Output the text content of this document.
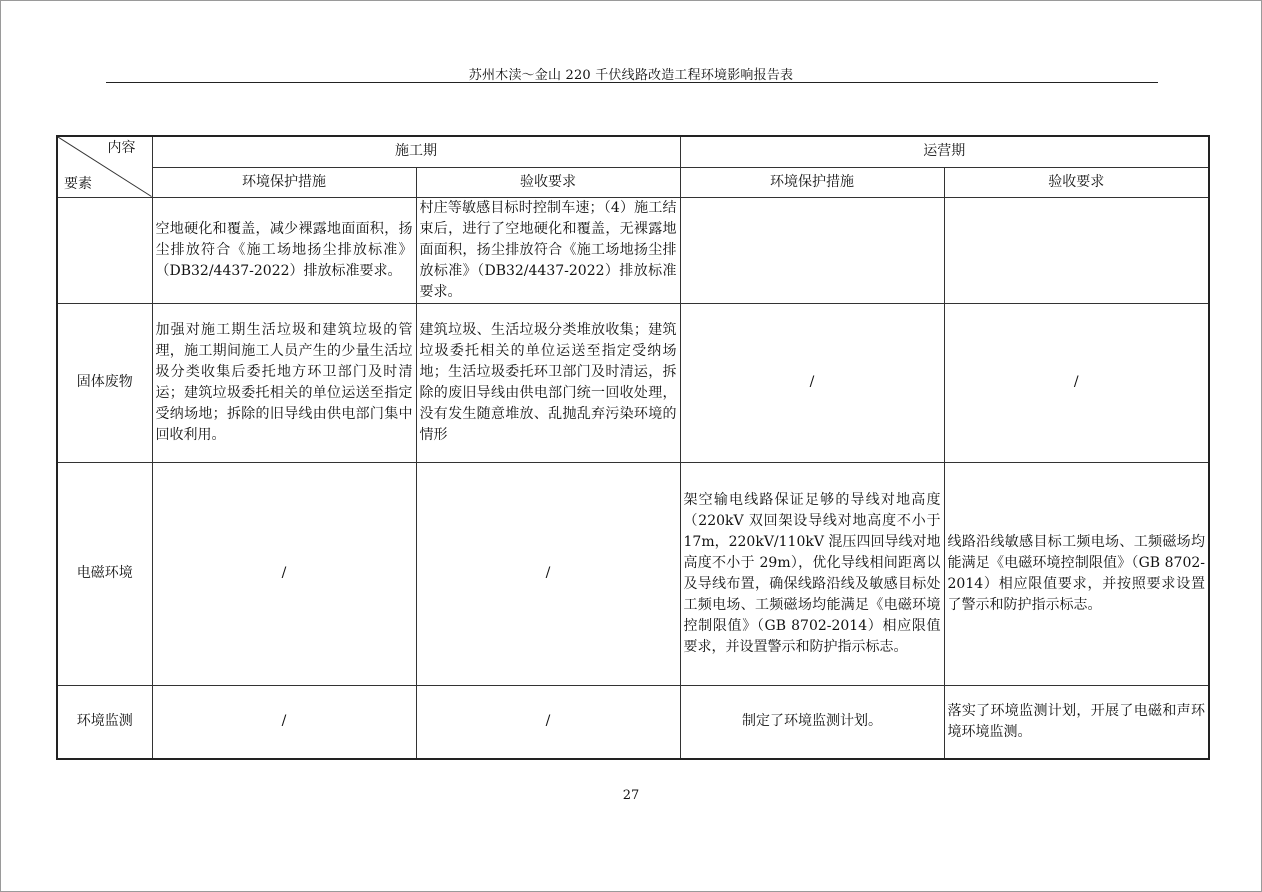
苏州木渎～金山 220 千伏线路改造工程环境影响报告表
内容
要素	施工期		运营期	
	环境保护措施	验收要求	环境保护措施	验收要求
	空地硬化和覆盖，减少裸露地面面积，扬尘排放符合《施工场地扬尘排放标准》（DB32/4437-2022）排放标准要求。	村庄等敏感目标时控制车速；（4）施工结束后，进行了空地硬化和覆盖，无裸露地面面积，扬尘排放符合《施工场地扬尘排放标准》（DB32/4437-2022）排放标准要求。		
固体废物	加强对施工期生活垃圾和建筑垃圾的管理，施工期间施工人员产生的少量生活垃圾分类收集后委托地方环卫部门及时清运；建筑垃圾委托相关的单位运送至指定受纳场地；拆除的旧导线由供电部门集中回收利用。	建筑垃圾、生活垃圾分类堆放收集；建筑垃圾委托相关的单位运送至指定受纳场地；生活垃圾委托环卫部门及时清运，拆除的废旧导线由供电部门统一回收处理，没有发生随意堆放、乱抛乱弃污染环境的情形	/	/
电磁环境	/	/	架空输电线路保证足够的导线对地高度（220kV 双回架设导线对地高度不小于 17m，220kV/110kV 混压四回导线对地高度不小于 29m），优化导线相间距离以及导线布置，确保线路沿线及敏感目标处工频电场、工频磁场均能满足《电磁环境控制限值》（GB 8702-2014）相应限值要求，并设置警示和防护指示标志。	线路沿线敏感目标工频电场、工频磁场均能满足《电磁环境控制限值》（GB 8702-2014）相应限值要求，并按照要求设置了警示和防护指示标志。
环境监测	/	/	制定了环境监测计划。	落实了环境监测计划，开展了电磁和声环境环境监测。
27
